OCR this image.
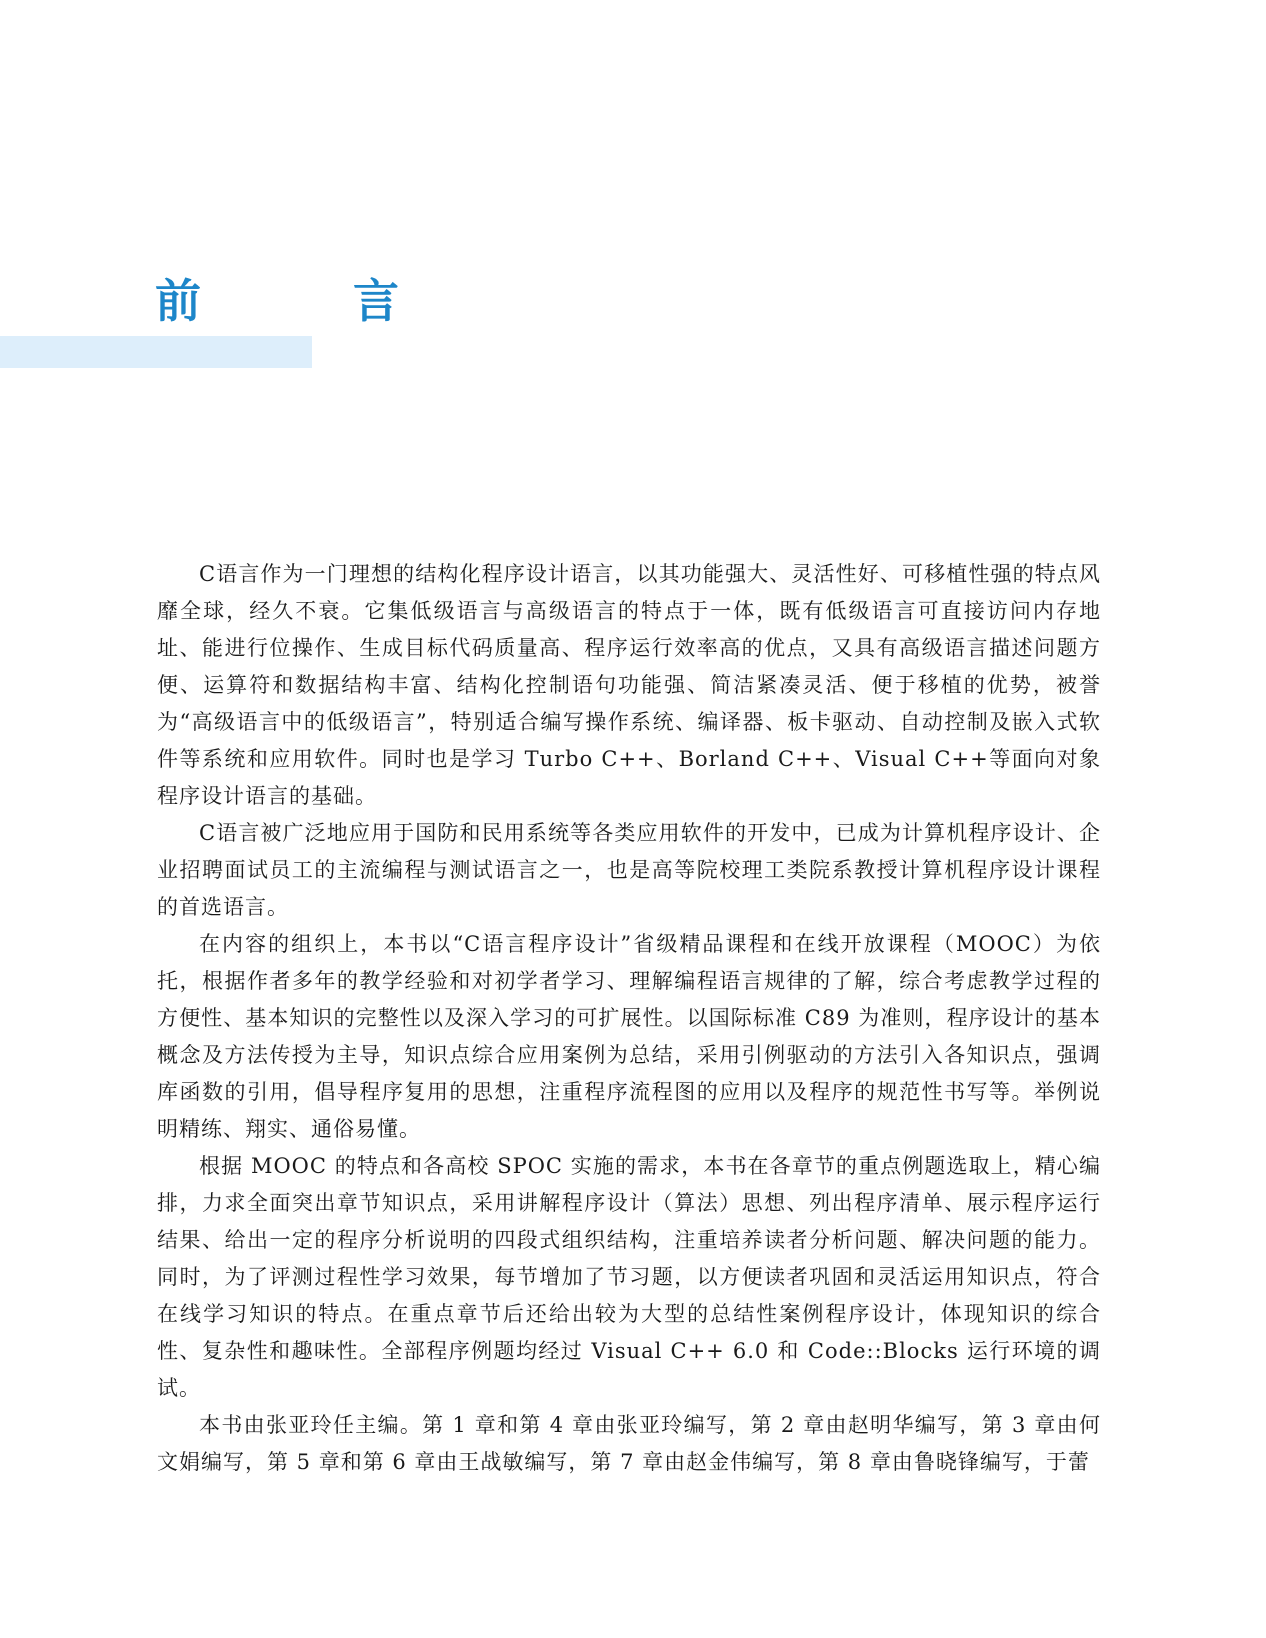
前 言

C语言作为一门理想的结构化程序设计语言，以其功能强大、灵活性好、可移植性强的特点风靡全球，经久不衰。它集低级语言与高级语言的特点于一体，既有低级语言可直接访问内存地址、能进行位操作、生成目标代码质量高、程序运行效率高的优点，又具有高级语言描述问题方便、运算符和数据结构丰富、结构化控制语句功能强、简洁紧凑灵活、便于移植的优势，被誉为“高级语言中的低级语言”，特别适合编写操作系统、编译器、板卡驱动、自动控制及嵌入式软件等系统和应用软件。同时也是学习 Turbo C++、Borland C++、Visual C++等面向对象程序设计语言的基础。

C语言被广泛地应用于国防和民用系统等各类应用软件的开发中，已成为计算机程序设计、企业招聘面试员工的主流编程与测试语言之一，也是高等院校理工类院系教授计算机程序设计课程的首选语言。

在内容的组织上，本书以“C语言程序设计”省级精品课程和在线开放课程（MOOC）为依托，根据作者多年的教学经验和对初学者学习、理解编程语言规律的了解，综合考虑教学过程的方便性、基本知识的完整性以及深入学习的可扩展性。以国际标准 C89 为准则，程序设计的基本概念及方法传授为主导，知识点综合应用案例为总结，采用引例驱动的方法引入各知识点，强调库函数的引用，倡导程序复用的思想，注重程序流程图的应用以及程序的规范性书写等。举例说明精练、翔实、通俗易懂。

根据 MOOC 的特点和各高校 SPOC 实施的需求，本书在各章节的重点例题选取上，精心编排，力求全面突出章节知识点，采用讲解程序设计（算法）思想、列出程序清单、展示程序运行结果、给出一定的程序分析说明的四段式组织结构，注重培养读者分析问题、解决问题的能力。同时，为了评测过程性学习效果，每节增加了节习题，以方便读者巩固和灵活运用知识点，符合在线学习知识的特点。在重点章节后还给出较为大型的总结性案例程序设计，体现知识的综合性、复杂性和趣味性。全部程序例题均经过 Visual C++ 6.0 和 Code::Blocks 运行环境的调试。

本书由张亚玲任主编。第 1 章和第 4 章由张亚玲编写，第 2 章由赵明华编写，第 3 章由何文娟编写，第 5 章和第 6 章由王战敏编写，第 7 章由赵金伟编写，第 8 章由鲁晓锋编写，于蕾
